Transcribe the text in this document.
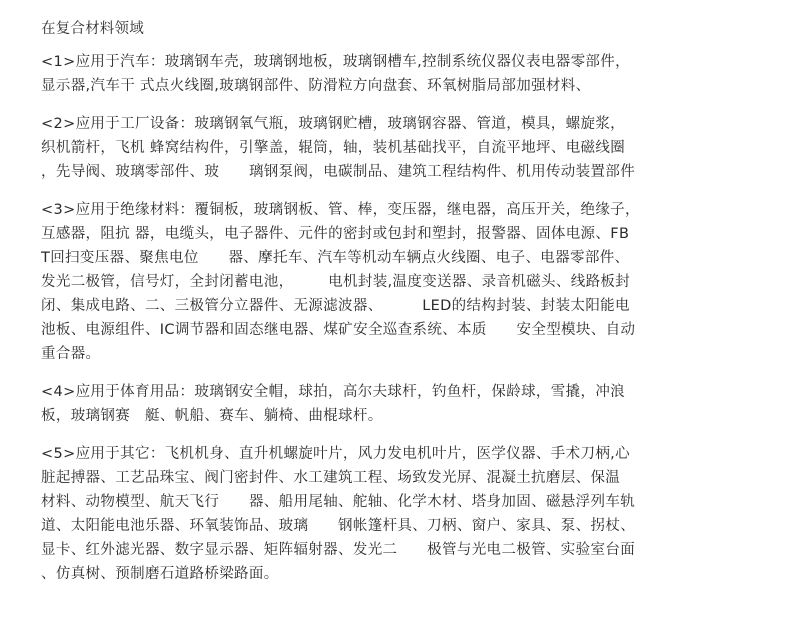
在复合材料领域
<1>应用于汽车：玻璃钢车壳，玻璃钢地板，玻璃钢槽车,控制系统仪器仪表电器零部件，
显示器,汽车干 式点火线圈,玻璃钢部件、防滑粒方向盘套、环氧树脂局部加强材料、
<2>应用于工厂设备：玻璃钢氧气瓶，玻璃钢贮槽，玻璃钢容器、管道，模具，螺旋浆，
织机箭杆，飞机 蜂窝结构件，引擎盖，辊筒，轴，装机基础找平，自流平地坪、电磁线圈
，先导阀、玻璃零部件、玻      璃钢泵阀，电碳制品、建筑工程结构件、机用传动装置部件
<3>应用于绝缘材料：覆铜板，玻璃钢板、管、棒，变压器，继电器，高压开关，绝缘子，
互感器，阻抗 器，电缆头，电子器件、元件的密封或包封和塑封，报警器、固体电源、FB
T回扫变压器、聚焦电位      器、摩托车、汽车等机动车辆点火线圈、电子、电器零部件、
发光二极管，信号灯，全封闭蓄电池，       电机封装,温度变送器、录音机磁头、线路板封
闭、集成电路、二、三极管分立器件、无源滤波器、        LED的结构封装、封装太阳能电
池板、电源组件、IC调节器和固态继电器、煤矿安全巡查系统、本质      安全型模块、自动
重合器。
<4>应用于体育用品：玻璃钢安全帽，球拍，高尔夫球杆，钓鱼杆，保龄球，雪撬，冲浪
板，玻璃钢赛   艇、帆船、赛车、躺椅、曲棍球杆。
<5>应用于其它：飞机机身、直升机螺旋叶片，风力发电机叶片，医学仪器、手术刀柄,心
脏起搏器、工艺品珠宝、阀门密封件、水工建筑工程、场致发光屏、混凝土抗磨层、保温
材料、动物模型、航天飞行      器、船用尾轴、舵轴、化学木材、塔身加固、磁悬浮列车轨
道、太阳能电池乐器、环氧装饰品、玻璃      钢帐篷杆具、刀柄、窗户、家具、泵、拐杖、
显卡、红外滤光器、数字显示器、矩阵辐射器、发光二      极管与光电二极管、实验室台面
、仿真树、预制磨石道路桥梁路面。
